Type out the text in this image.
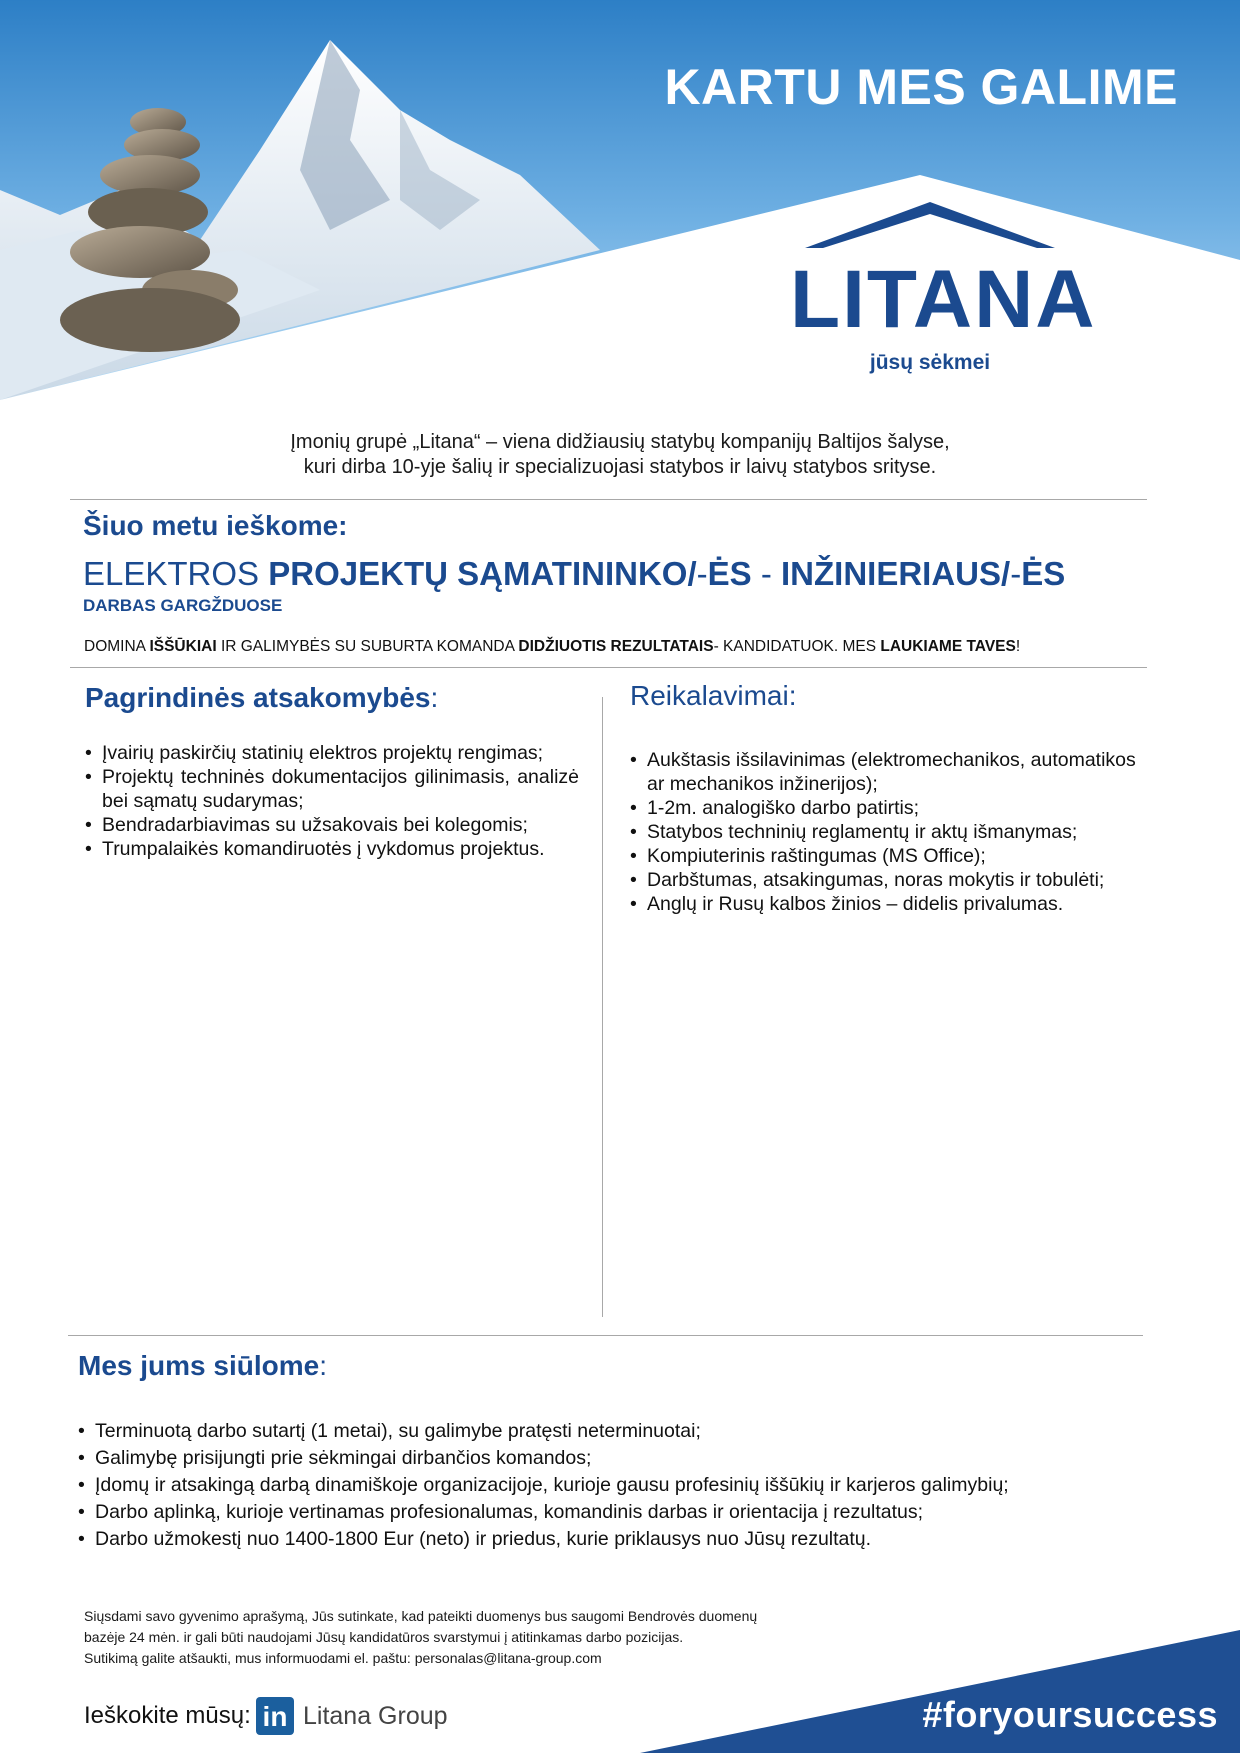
KARTU MES GALIME
LITANA
jūsų sėkmei
Įmonių grupė „Litana“ – viena didžiausių statybų kompanijų Baltijos šalyse,
kuri dirba 10-yje šalių ir specializuojasi statybos ir laivų statybos srityse.
Šiuo metu ieškome:
ELEKTROS PROJEKTŲ SĄMATININKO/-ĖS - INŽINIERIAUS/-ĖS
DARBAS GARGŽDUOSE
DOMINA IŠŠŪKIAI IR GALIMYBĖS SU SUBURTA KOMANDA DIDŽIUOTIS REZULTATAIS- KANDIDATUOK. MES LAUKIAME TAVES!
Pagrindinės atsakomybės:
• Įvairių paskirčių statinių elektros projektų rengimas;
• Projektų techninės dokumentacijos gilinimasis, analizė bei sąmatų sudarymas;
• Bendradarbiavimas su užsakovais bei kolegomis;
• Trumpalaikės komandiruotės į vykdomus projektus.
Reikalavimai:
• Aukštasis išsilavinimas (elektromechanikos, automatikos ar mechanikos inžinerijos);
• 1-2m. analogiško darbo patirtis;
• Statybos techninių reglamentų ir aktų išmanymas;
• Kompiuterinis raštingumas (MS Office);
• Darbštumas, atsakingumas, noras mokytis ir tobulėti;
• Anglų ir Rusų kalbos žinios – didelis privalumas.
Mes jums siūlome:
• Terminuotą darbo sutartį (1 metai), su galimybe pratęsti neterminuotai;
• Galimybę prisijungti prie sėkmingai dirbančios komandos;
• Įdomų ir atsakingą darbą dinamiškoje organizacijoje, kurioje gausu profesinių iššūkių ir karjeros galimybių;
• Darbo aplinką, kurioje vertinamas profesionalumas, komandinis darbas ir orientacija į rezultatus;
• Darbo užmokestį nuo 1400-1800 Eur (neto) ir priedus, kurie priklausys nuo Jūsų rezultatų.
Siųsdami savo gyvenimo aprašymą, Jūs sutinkate, kad pateikti duomenys bus saugomi Bendrovės duomenų
bazėje 24 mėn. ir gali būti naudojami Jūsų kandidatūros svarstymui į atitinkamas darbo pozicijas.
Sutikimą galite atšaukti, mus informuodami el. paštu: personalas@litana-group.com
Ieškokite mūsų: in Litana Group	#foryoursuccess
